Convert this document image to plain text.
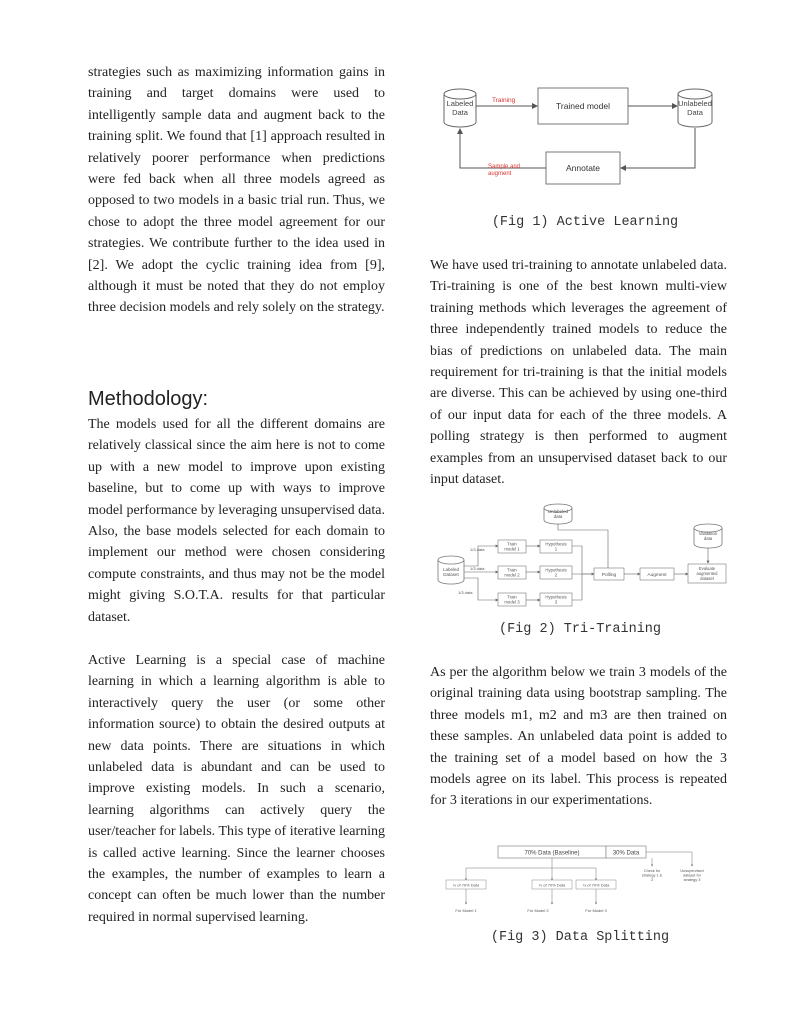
strategies such as maximizing information gains in training and target domains were used to intelligently sample data and augment back to the training split. We found that [1] approach resulted in relatively poorer performance when predictions were fed back when all three models agreed as opposed to two models in a basic trial run. Thus, we chose to adopt the three model agreement for our strategies. We contribute further to the idea used in [2]. We adopt the cyclic training idea from [9], although it must be noted that they do not employ three decision models and rely solely on the strategy.

Methodology:

The models used for all the different domains are relatively classical since the aim here is not to come up with a new model to improve upon existing baseline, but to come up with ways to improve model performance by leveraging unsupervised data. Also, the base models selected for each domain to implement our method were chosen considering compute constraints, and thus may not be the model might giving S.O.T.A. results for that particular dataset.

Active Learning is a special case of machine learning in which a learning algorithm is able to interactively query the user (or some other information source) to obtain the desired outputs at new data points. There are situations in which unlabeled data is abundant and can be used to improve existing models. In such a scenario, learning algorithms can actively query the user/teacher for labels. This type of iterative learning is called active learning. Since the learner chooses the examples, the number of examples to learn a concept can often be much lower than the number required in normal supervised learning.

Labeled
Data
Unlabeled
Data
Trained model
Annotate
Training
Sample and
augment
(Fig 1) Active Learning

We have used tri-training to annotate unlabeled data. Tri-training is one of the best known multi-view training methods which leverages the agreement of three independently trained models to reduce the bias of predictions on unlabeled data. The main requirement for tri-training is that the initial models are diverse. This can be achieved by using one-third of our input data for each of the three models. A polling strategy is then performed to augment examples from an unsupervised dataset back to our input dataset.

Unlabeled
data
Labeled
Dataset
1/3 data
1/3 data
1/3 data
Train
model 1
Train
model 2
Train
model 3
Hypothesis
1
Hypothesis
2
Hypothesis
3
Polling	Augment
Validation
data
Evaluate
augmented
dataset
(Fig 2) Tri-Training

As per the algorithm below we train 3 models of the original training data using bootstrap sampling. The three models m1, m2 and m3 are then trained on these samples. An unlabeled data point is added to the training set of a model based on how the 3 models agree on its label. This process is repeated for 3 iterations in our experimentations.

70% Data (Baseline)	30% Data
Check for
strategy 1 &
2
Unsupervised
dataset for
strategy 3
⅓ of 70% Data	⅓ of 70% Data	⅓ of 70% Data
For Model 1	For Model 2	For Model 3
(Fig 3) Data Splitting
